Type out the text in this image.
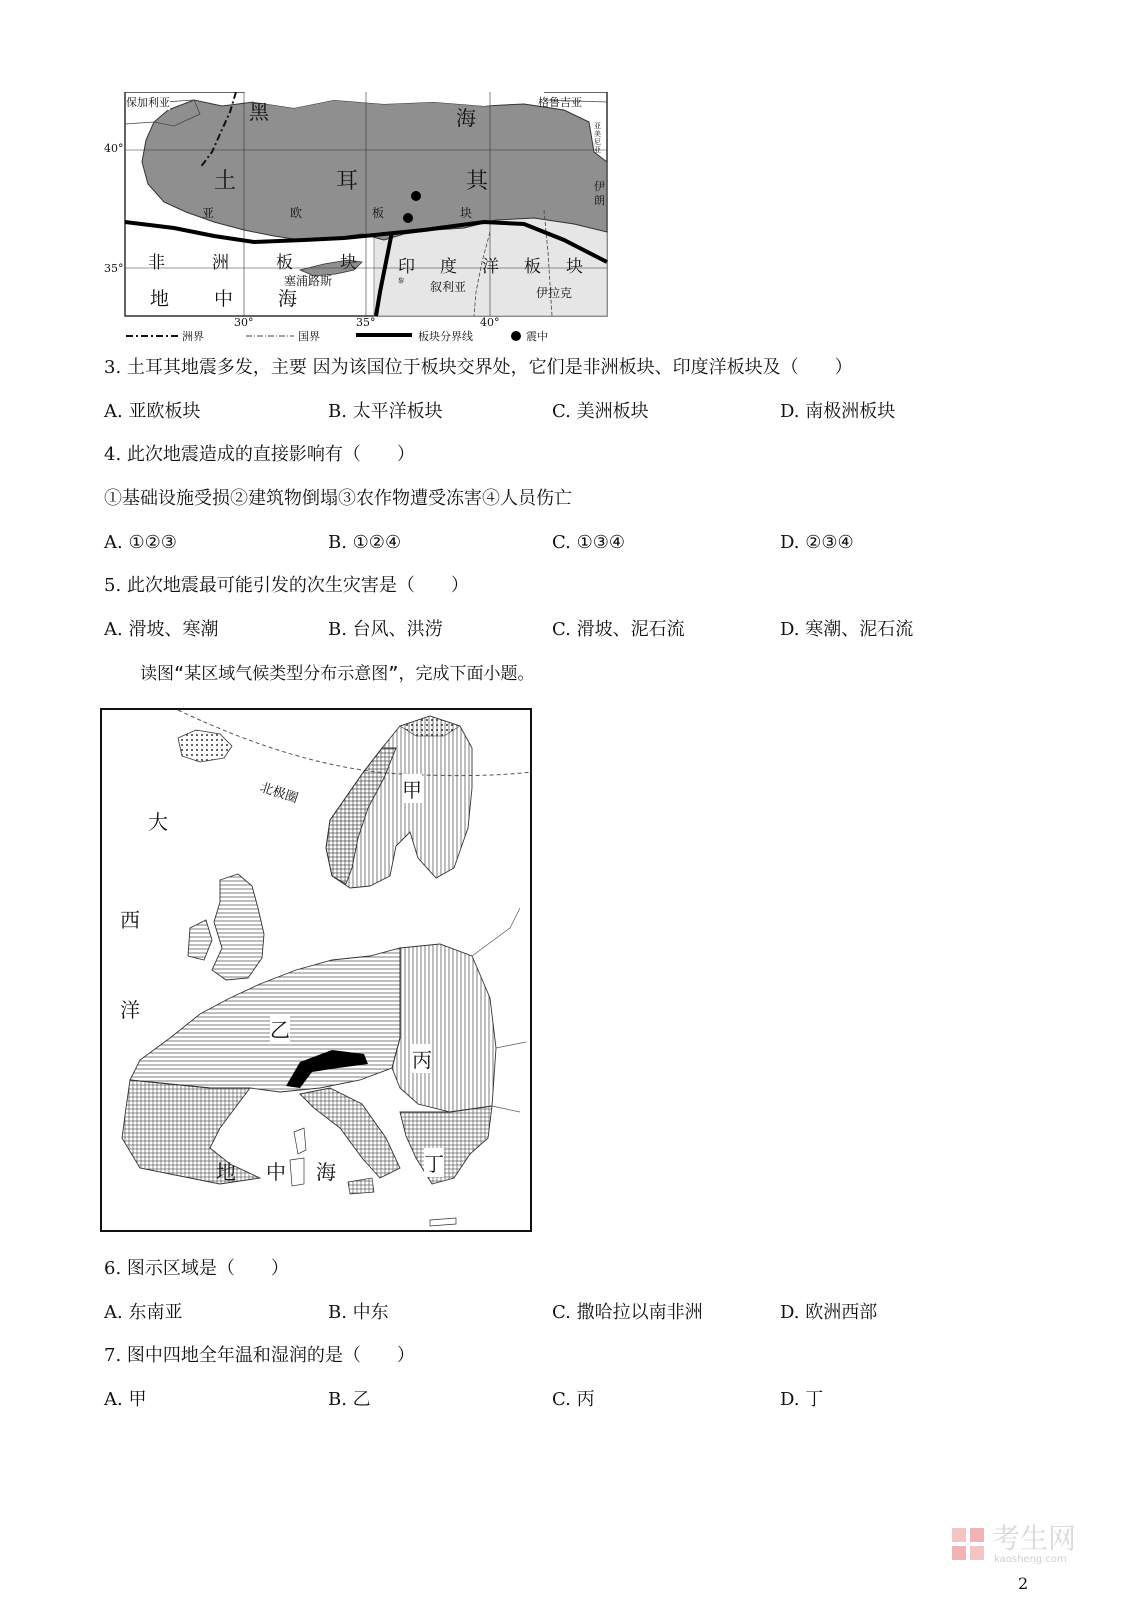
保加利亚	格鲁吉亚
亚美尼亚
黑	海
土	耳	其	伊
朗
亚	欧	板	块
非	洲	板	块 印 度 洋 板 块
塞浦路斯	黎 叙利亚	伊拉克
地 中 海
40°
35°
30°	35°	40°
洲界	国界	板块分界线	震中
3. 土耳其地震多发，主要 因为该国位于板块交界处，它们是非洲板块、印度洋板块及（　　）
A. 亚欧板块	B. 太平洋板块	C. 美洲板块	D. 南极洲板块
4. 此次地震造成的直接影响有（　　）
①基础设施受损②建筑物倒塌③农作物遭受冻害④人员伤亡
A. ①②③	B. ①②④	C. ①③④	D. ②③④
5. 此次地震最可能引发的次生灾害是（　　）
A. 滑坡、寒潮	B. 台风、洪涝	C. 滑坡、泥石流	D. 寒潮、泥石流
读图“某区域气候类型分布示意图”，完成下面小题。
北极圈
大
西
洋
地 中 海
甲
乙
丙
丁
6. 图示区域是（　　）
A. 东南亚	B. 中东	C. 撒哈拉以南非洲	D. 欧洲西部
7. 图中四地全年温和湿润的是（　　）
A. 甲	B. 乙	C. 丙	D. 丁
考生网
kaosheng.com
2
